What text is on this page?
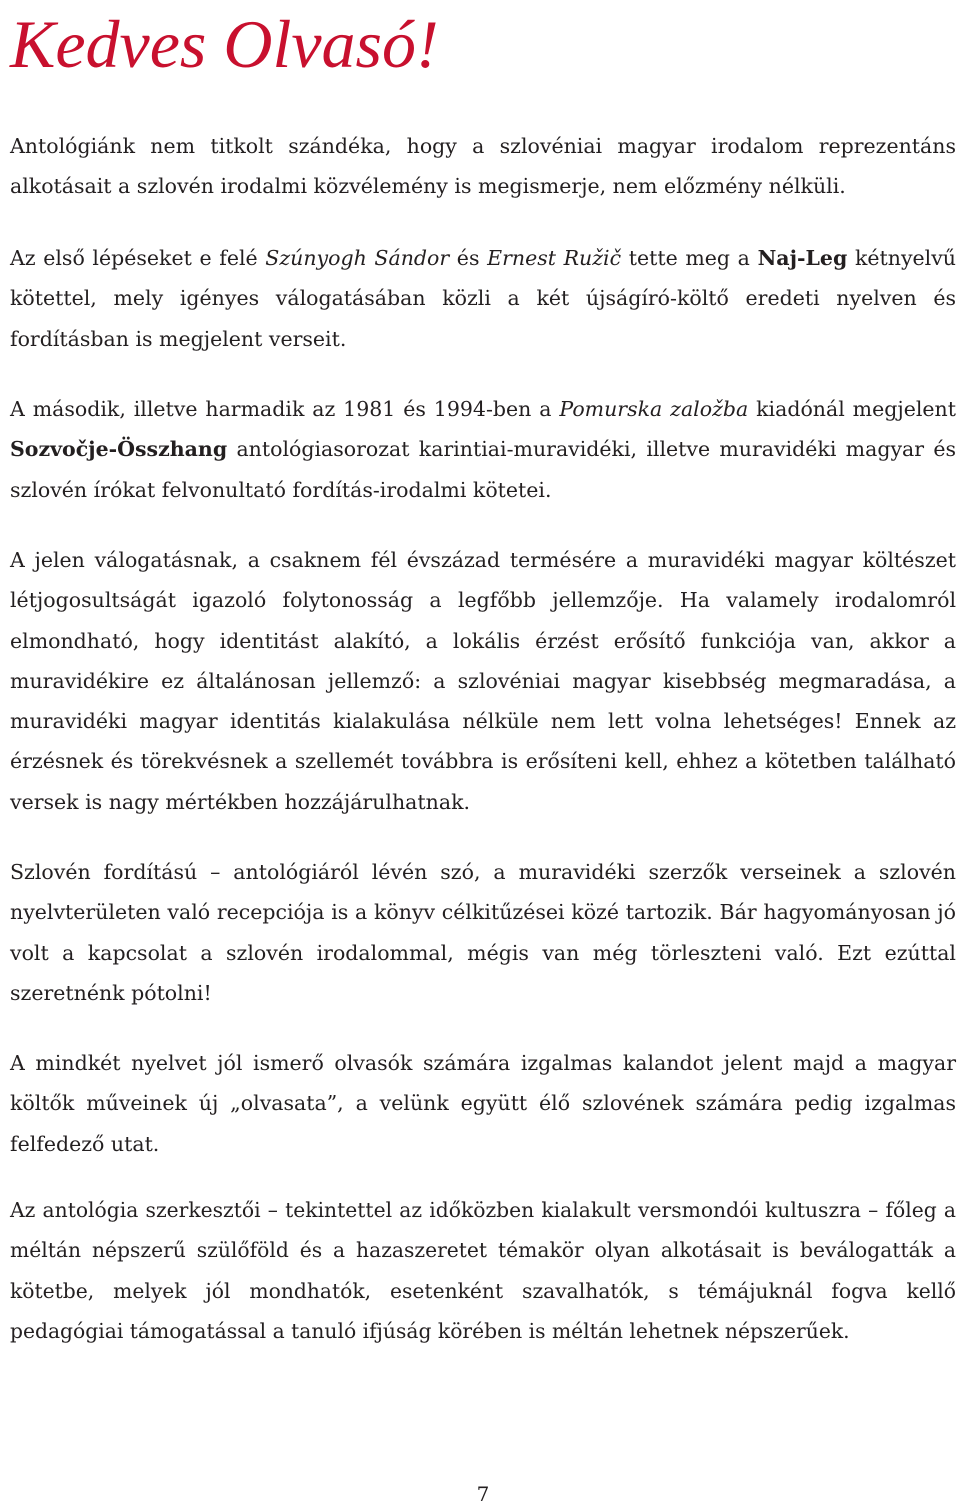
Kedves Olvasó!

Antológiánk nem titkolt szándéka, hogy a szlovéniai magyar irodalom reprezentáns alkotásait a szlovén irodalmi közvélemény is megismerje, nem előzmény nélküli.

Az első lépéseket e felé Szúnyogh Sándor és Ernest Ružič tette meg a Naj-Leg kétnyelvű kötettel, mely igényes válogatásában közli a két újságíró-költő eredeti nyelven és fordításban is megjelent verseit.

A második, illetve harmadik az 1981 és 1994-ben a Pomurska založba kiadónál megjelent Sozvočje-Összhang antológiasorozat karintiai-muravidéki, illetve muravidéki magyar és szlovén írókat felvonultató fordítás-irodalmi kötetei.

A jelen válogatásnak, a csaknem fél évszázad termésére a muravidéki magyar költészet létjogosultságát igazoló folytonosság a legfőbb jellemzője. Ha valamely irodalomról elmondható, hogy identitást alakító, a lokális érzést erősítő funkciója van, akkor a muravidékire ez általánosan jellemző: a szlovéniai magyar kisebbség megmaradása, a muravidéki magyar identitás kialakulása nélküle nem lett volna lehetséges! Ennek az érzésnek és törekvésnek a szellemét továbbra is erősíteni kell, ehhez a kötetben található versek is nagy mértékben hozzájárulhatnak.

Szlovén fordítású – antológiáról lévén szó, a muravidéki szerzők verseinek a szlovén nyelvterületen való recepciója is a könyv célkitűzései közé tartozik. Bár hagyományosan jó volt a kapcsolat a szlovén irodalommal, mégis van még törleszteni való. Ezt ezúttal szeretnénk pótolni!

A mindkét nyelvet jól ismerő olvasók számára izgalmas kalandot jelent majd a magyar költők műveinek új „olvasata”, a velünk együtt élő szlovének számára pedig izgalmas felfedező utat.

Az antológia szerkesztői – tekintettel az időközben kialakult versmondói kultuszra – főleg a méltán népszerű szülőföld és a hazaszeretet témakör olyan alkotásait is beválogatták a kötetbe, melyek jól mondhatók, esetenként szavalhatók, s témájuknál fogva kellő pedagógiai támogatással a tanuló ifjúság körében is méltán lehetnek népszerűek.

7
